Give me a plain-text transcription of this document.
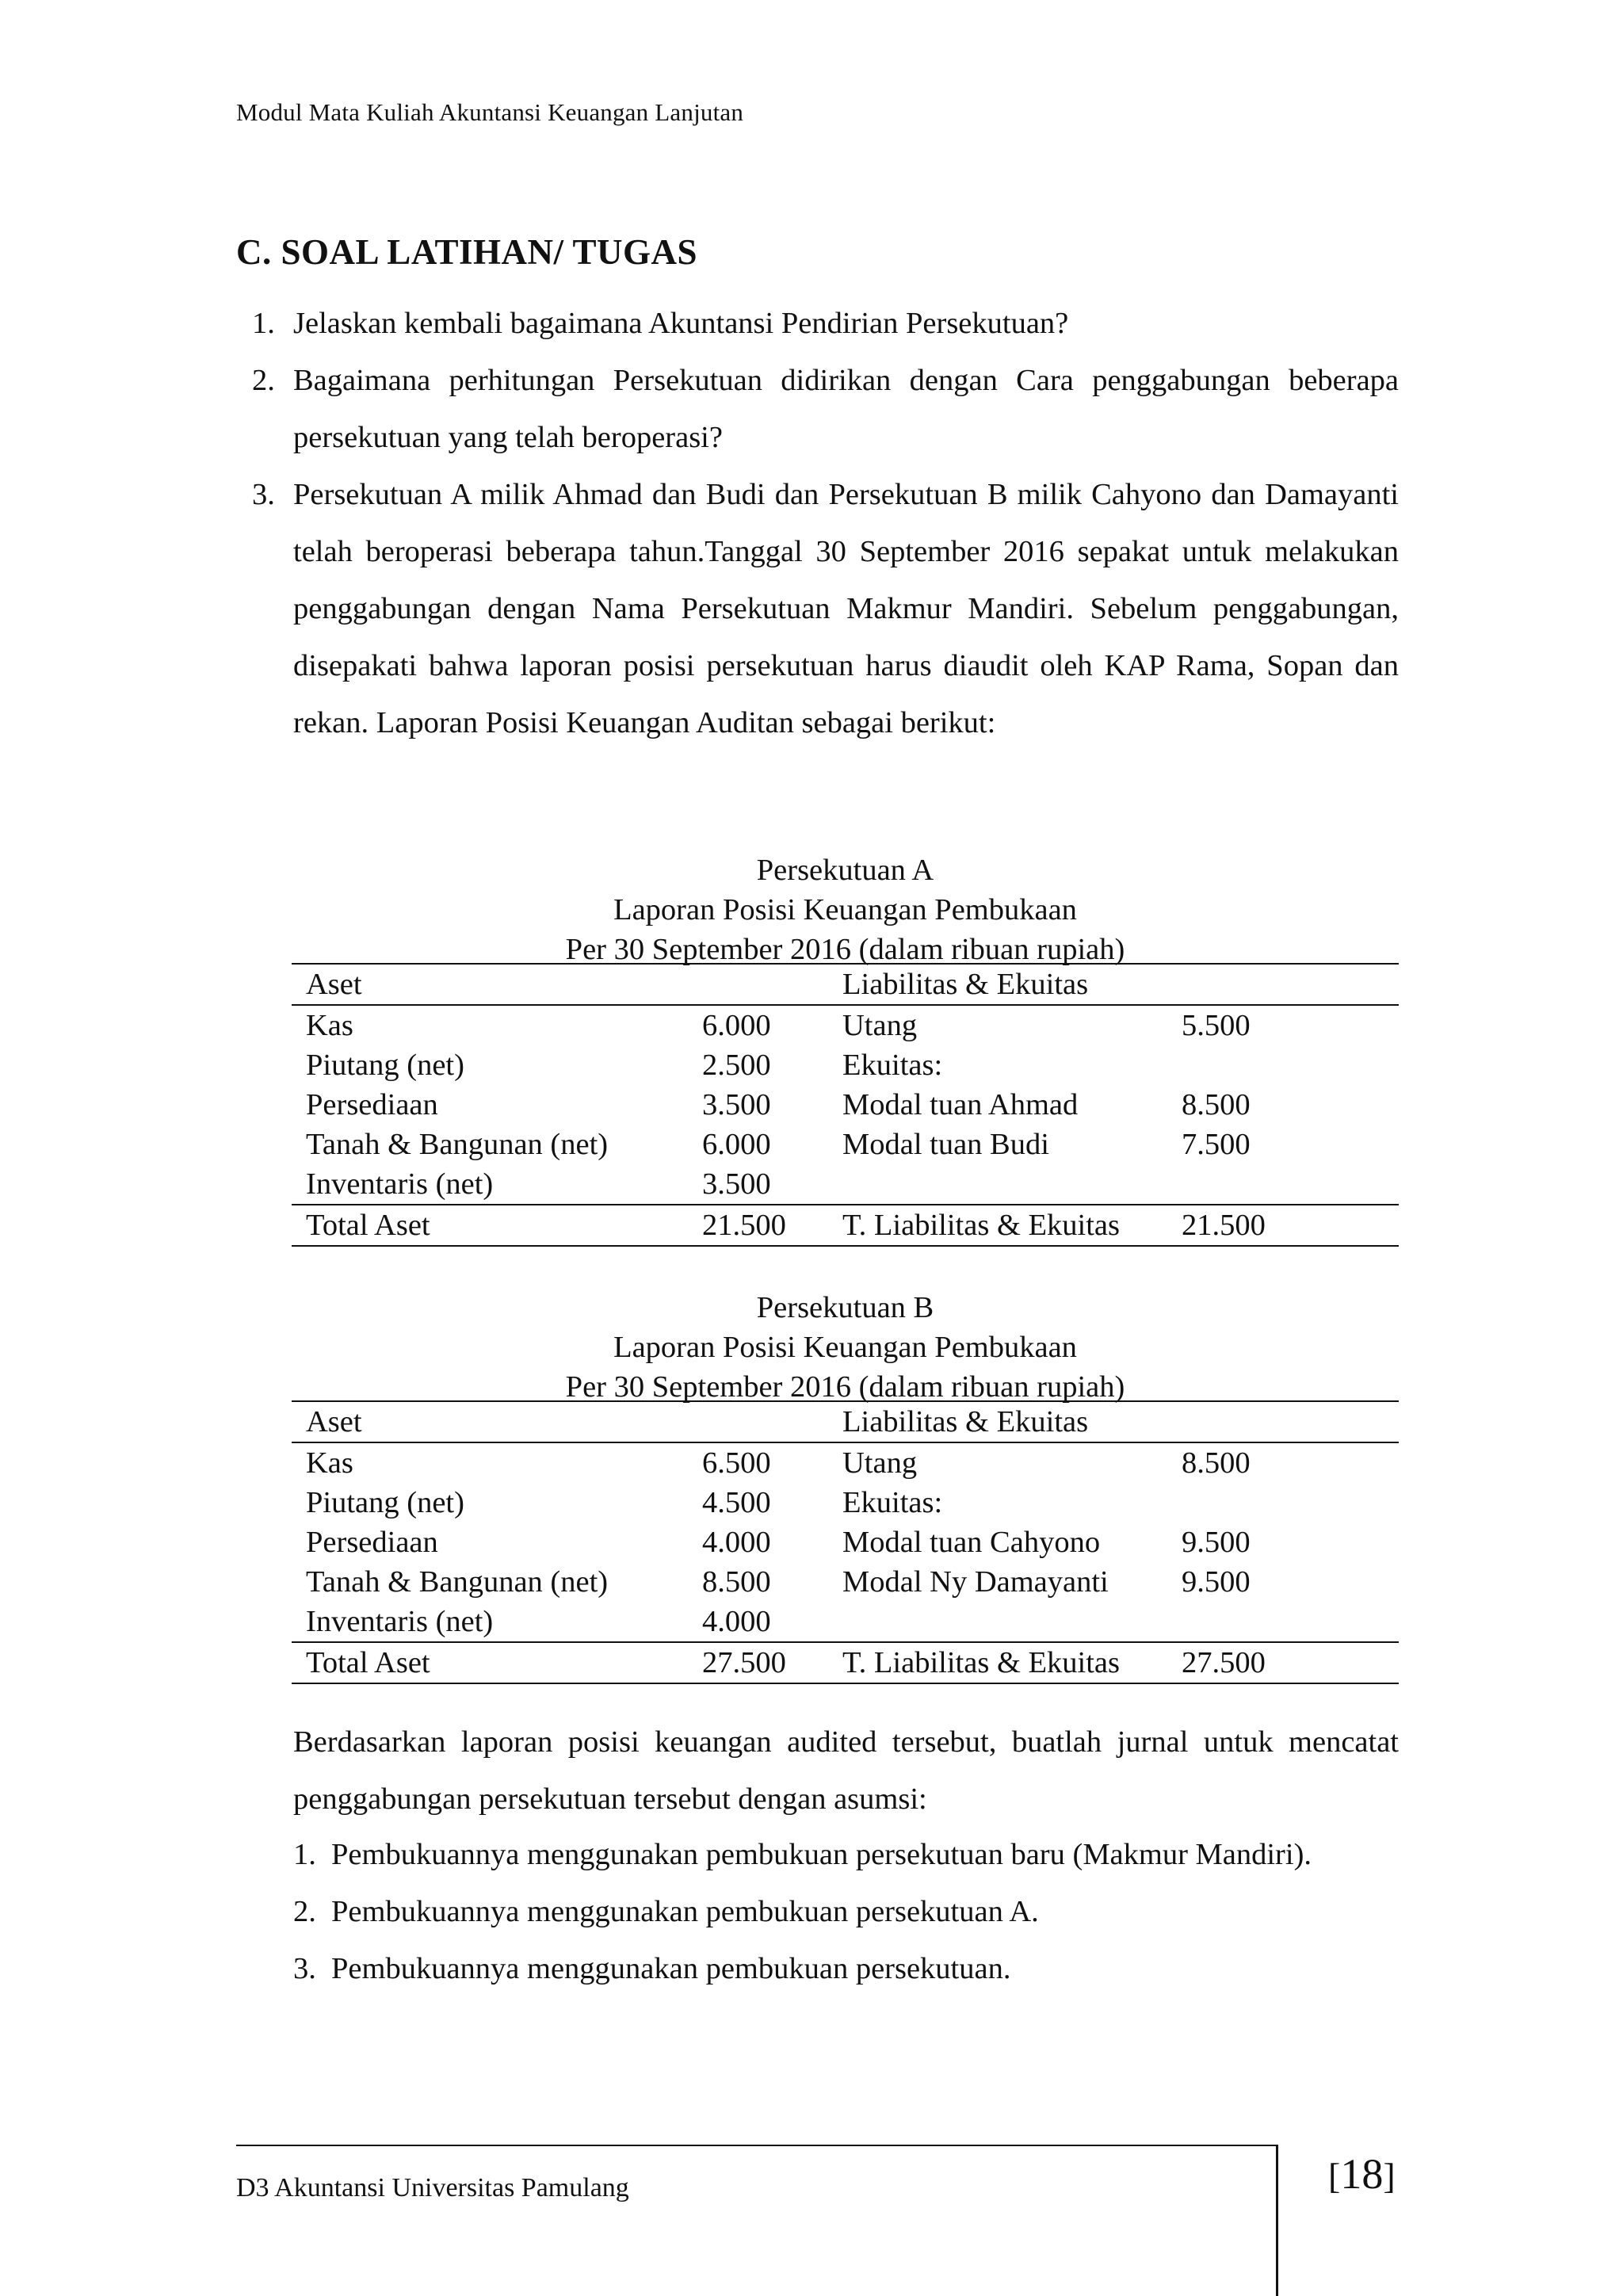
Modul Mata Kuliah Akuntansi Keuangan Lanjutan
C. SOAL LATIHAN/ TUGAS
1. Jelaskan kembali bagaimana Akuntansi Pendirian Persekutuan?

2. Bagaimana perhitungan Persekutuan didirikan dengan Cara penggabungan beberapa persekutuan yang telah beroperasi?

3. Persekutuan A milik Ahmad dan Budi dan Persekutuan B milik Cahyono dan Damayanti telah beroperasi beberapa tahun.Tanggal 30 September 2016 sepakat untuk melakukan penggabungan dengan Nama Persekutuan Makmur Mandiri. Sebelum penggabungan, disepakati bahwa laporan posisi persekutuan harus diaudit oleh KAP Rama, Sopan dan rekan. Laporan Posisi Keuangan Auditan sebagai berikut:

Persekutuan A
Laporan Posisi Keuangan Pembukaan
Per 30 September 2016 (dalam ribuan rupiah)
Aset		Liabilitas & Ekuitas	
Kas	6.000	Utang	5.500
Piutang (net)	2.500	Ekuitas:	
Persediaan	3.500	Modal tuan Ahmad	8.500
Tanah & Bangunan (net)	6.000	Modal tuan Budi	7.500
Inventaris (net)	3.500		
Total Aset	21.500	T. Liabilitas & Ekuitas	21.500
Persekutuan B
Laporan Posisi Keuangan Pembukaan
Per 30 September 2016 (dalam ribuan rupiah)
Aset		Liabilitas & Ekuitas	
Kas	6.500	Utang	8.500
Piutang (net)	4.500	Ekuitas:	
Persediaan	4.000	Modal tuan Cahyono	9.500
Tanah & Bangunan (net)	8.500	Modal Ny Damayanti	9.500
Inventaris (net)	4.000		
Total Aset	27.500	T. Liabilitas & Ekuitas	27.500

Berdasarkan laporan posisi keuangan audited tersebut, buatlah jurnal untuk mencatat penggabungan persekutuan tersebut dengan asumsi:

1. Pembukuannya menggunakan pembukuan persekutuan baru (Makmur Mandiri).
2. Pembukuannya menggunakan pembukuan persekutuan A.
3. Pembukuannya menggunakan pembukuan persekutuan.
D3 Akuntansi Universitas Pamulang	[18]
